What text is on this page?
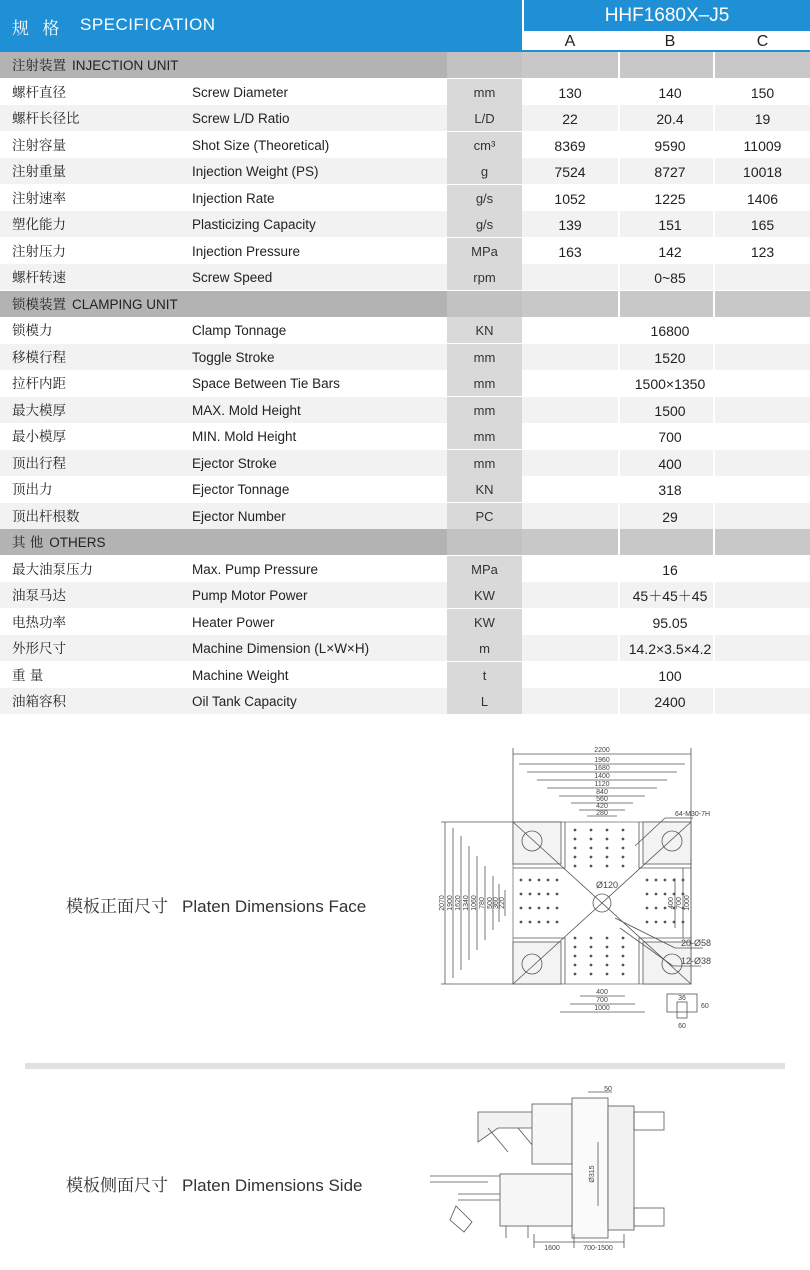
规 格 SPECIFICATION	HHF1680X–J5
A	B	C
注射装置 INJECTION UNIT
螺杆直径	Screw Diameter	mm	130	140	150
螺杆长径比	Screw L/D Ratio	L/D	22	20.4	19
注射容量	Shot Size (Theoretical)	cm³	8369	9590	11009
注射重量	Injection Weight (PS)	g	7524	8727	10018
注射速率	Injection Rate	g/s	1052	1225	1406
塑化能力	Plasticizing Capacity	g/s	139	151	165
注射压力	Injection Pressure	MPa	163	142	123
螺杆转速	Screw Speed	rpm	0~85
锁模装置 CLAMPING UNIT
锁模力	Clamp Tonnage	KN	16800
移模行程	Toggle Stroke	mm	1520
拉杆内距	Space Between Tie Bars	mm	1500×1350
最大模厚	MAX. Mold Height	mm	1500
最小模厚	MIN. Mold Height	mm	700
顶出行程	Ejector Stroke	mm	400
顶出力	Ejector Tonnage	KN	318
顶出杆根数	Ejector Number	PC	29
其 他 OTHERS
最大油泵压力	Max. Pump Pressure	MPa	16
油泵马达	Pump Motor Power	KW	45＋45＋45
电热功率	Heater Power	KW	95.05
外形尺寸	Machine Dimension (L×W×H)	m	14.2×3.5×4.2
重 量	Machine Weight	t	100
油箱容积	Oil Tank Capacity	L	2400
模板正面尺寸 Platen Dimensions Face
2200
1960
1680
1400
1120
840
560
420
280
Ø120
400
700
1000
36
60
64-M30-7H
20-Ø58
12-Ø38
60
2070 1900 1620 1340 1060 780 500 360 220	400 700 1000
模板侧面尺寸 Platen Dimensions Side
50
1600	700-1500
Ø315
